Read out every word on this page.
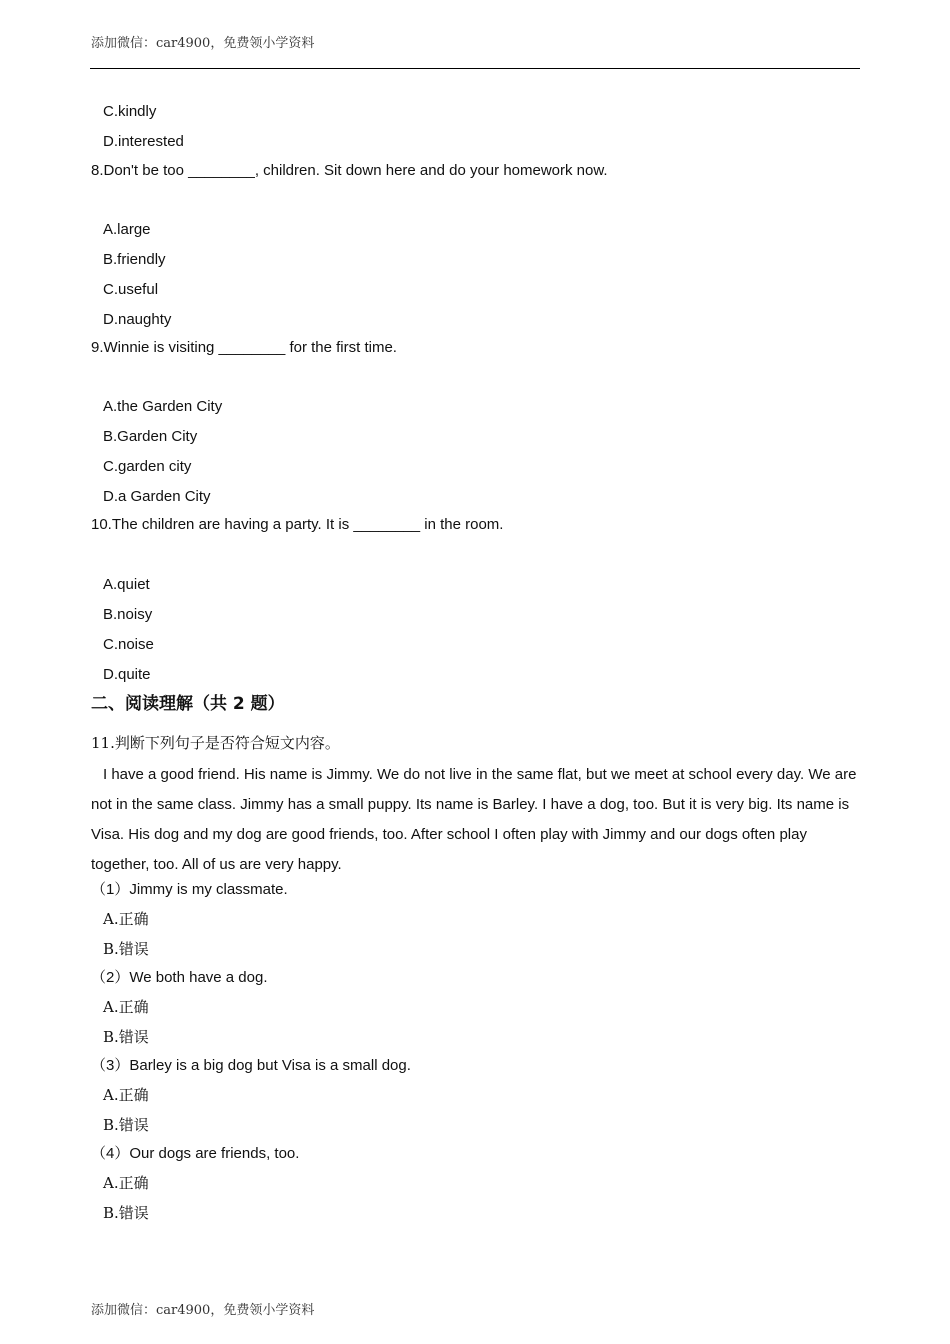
添加微信：car4900，免费领小学资料
C.kindly
D.interested
8.Don't be too ________, children. Sit down here and do your homework now.
A.large
B.friendly
C.useful
D.naughty
9.Winnie is visiting ________ for the first time.
A.the Garden City
B.Garden City
C.garden city
D.a Garden City
10.The children are having a party. It is ________ in the room.
A.quiet
B.noisy
C.noise
D.quite
二、阅读理解（共 2 题）
11.判断下列句子是否符合短文内容。

I have a good friend. His name is Jimmy. We do not live in the same flat, but we meet at school every day. We are not in the same class. Jimmy has a small puppy. Its name is Barley. I have a dog, too. But it is very big. Its name is Visa. His dog and my dog are good friends, too. After school I often play with Jimmy and our dogs often play together, too. All of us are very happy.

（1）Jimmy is my classmate.
A.正确
B.错误
（2）We both have a dog.
A.正确
B.错误
（3）Barley is a big dog but Visa is a small dog.
A.正确
B.错误
（4）Our dogs are friends, too.
A.正确
B.错误
添加微信：car4900，免费领小学资料
